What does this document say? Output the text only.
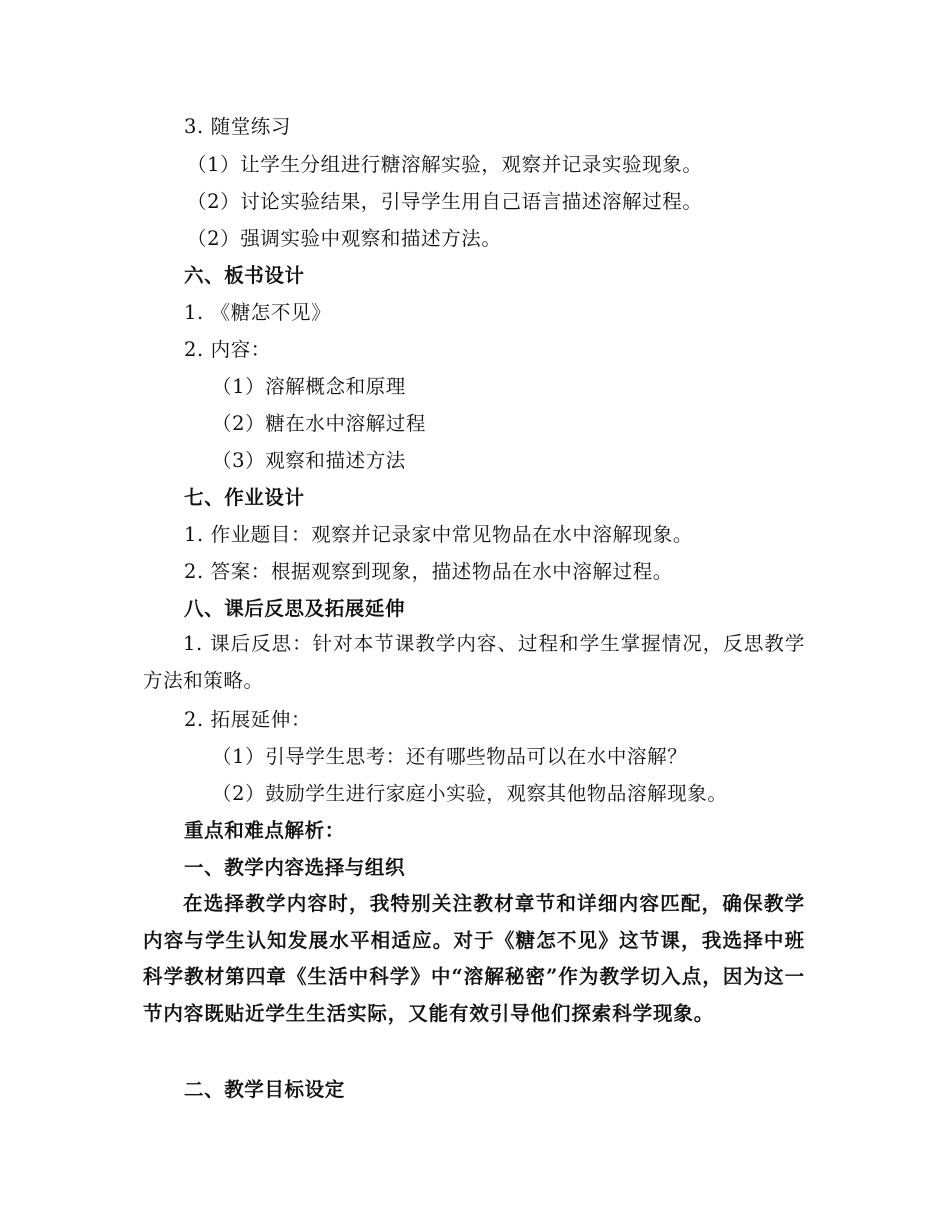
3. 随堂练习
（1）让学生分组进行糖溶解实验，观察并记录实验现象。
（2）讨论实验结果，引导学生用自己语言描述溶解过程。
（2）强调实验中观察和描述方法。
六、板书设计
1. 《糖怎不见》
2. 内容：
（1）溶解概念和原理
（2）糖在水中溶解过程
（3）观察和描述方法
七、作业设计
1. 作业题目：观察并记录家中常见物品在水中溶解现象。
2. 答案：根据观察到现象，描述物品在水中溶解过程。
八、课后反思及拓展延伸
1. 课后反思：针对本节课教学内容、过程和学生掌握情况，反思教学方法和策略。
2. 拓展延伸：
（1）引导学生思考：还有哪些物品可以在水中溶解？
（2）鼓励学生进行家庭小实验，观察其他物品溶解现象。
重点和难点解析：
一、教学内容选择与组织
在选择教学内容时，我特别关注教材章节和详细内容匹配，确保教学内容与学生认知发展水平相适应。对于《糖怎不见》这节课，我选择中班科学教材第四章《生活中科学》中“溶解秘密”作为教学切入点，因为这一节内容既贴近学生生活实际，又能有效引导他们探索科学现象。
二、教学目标设定
